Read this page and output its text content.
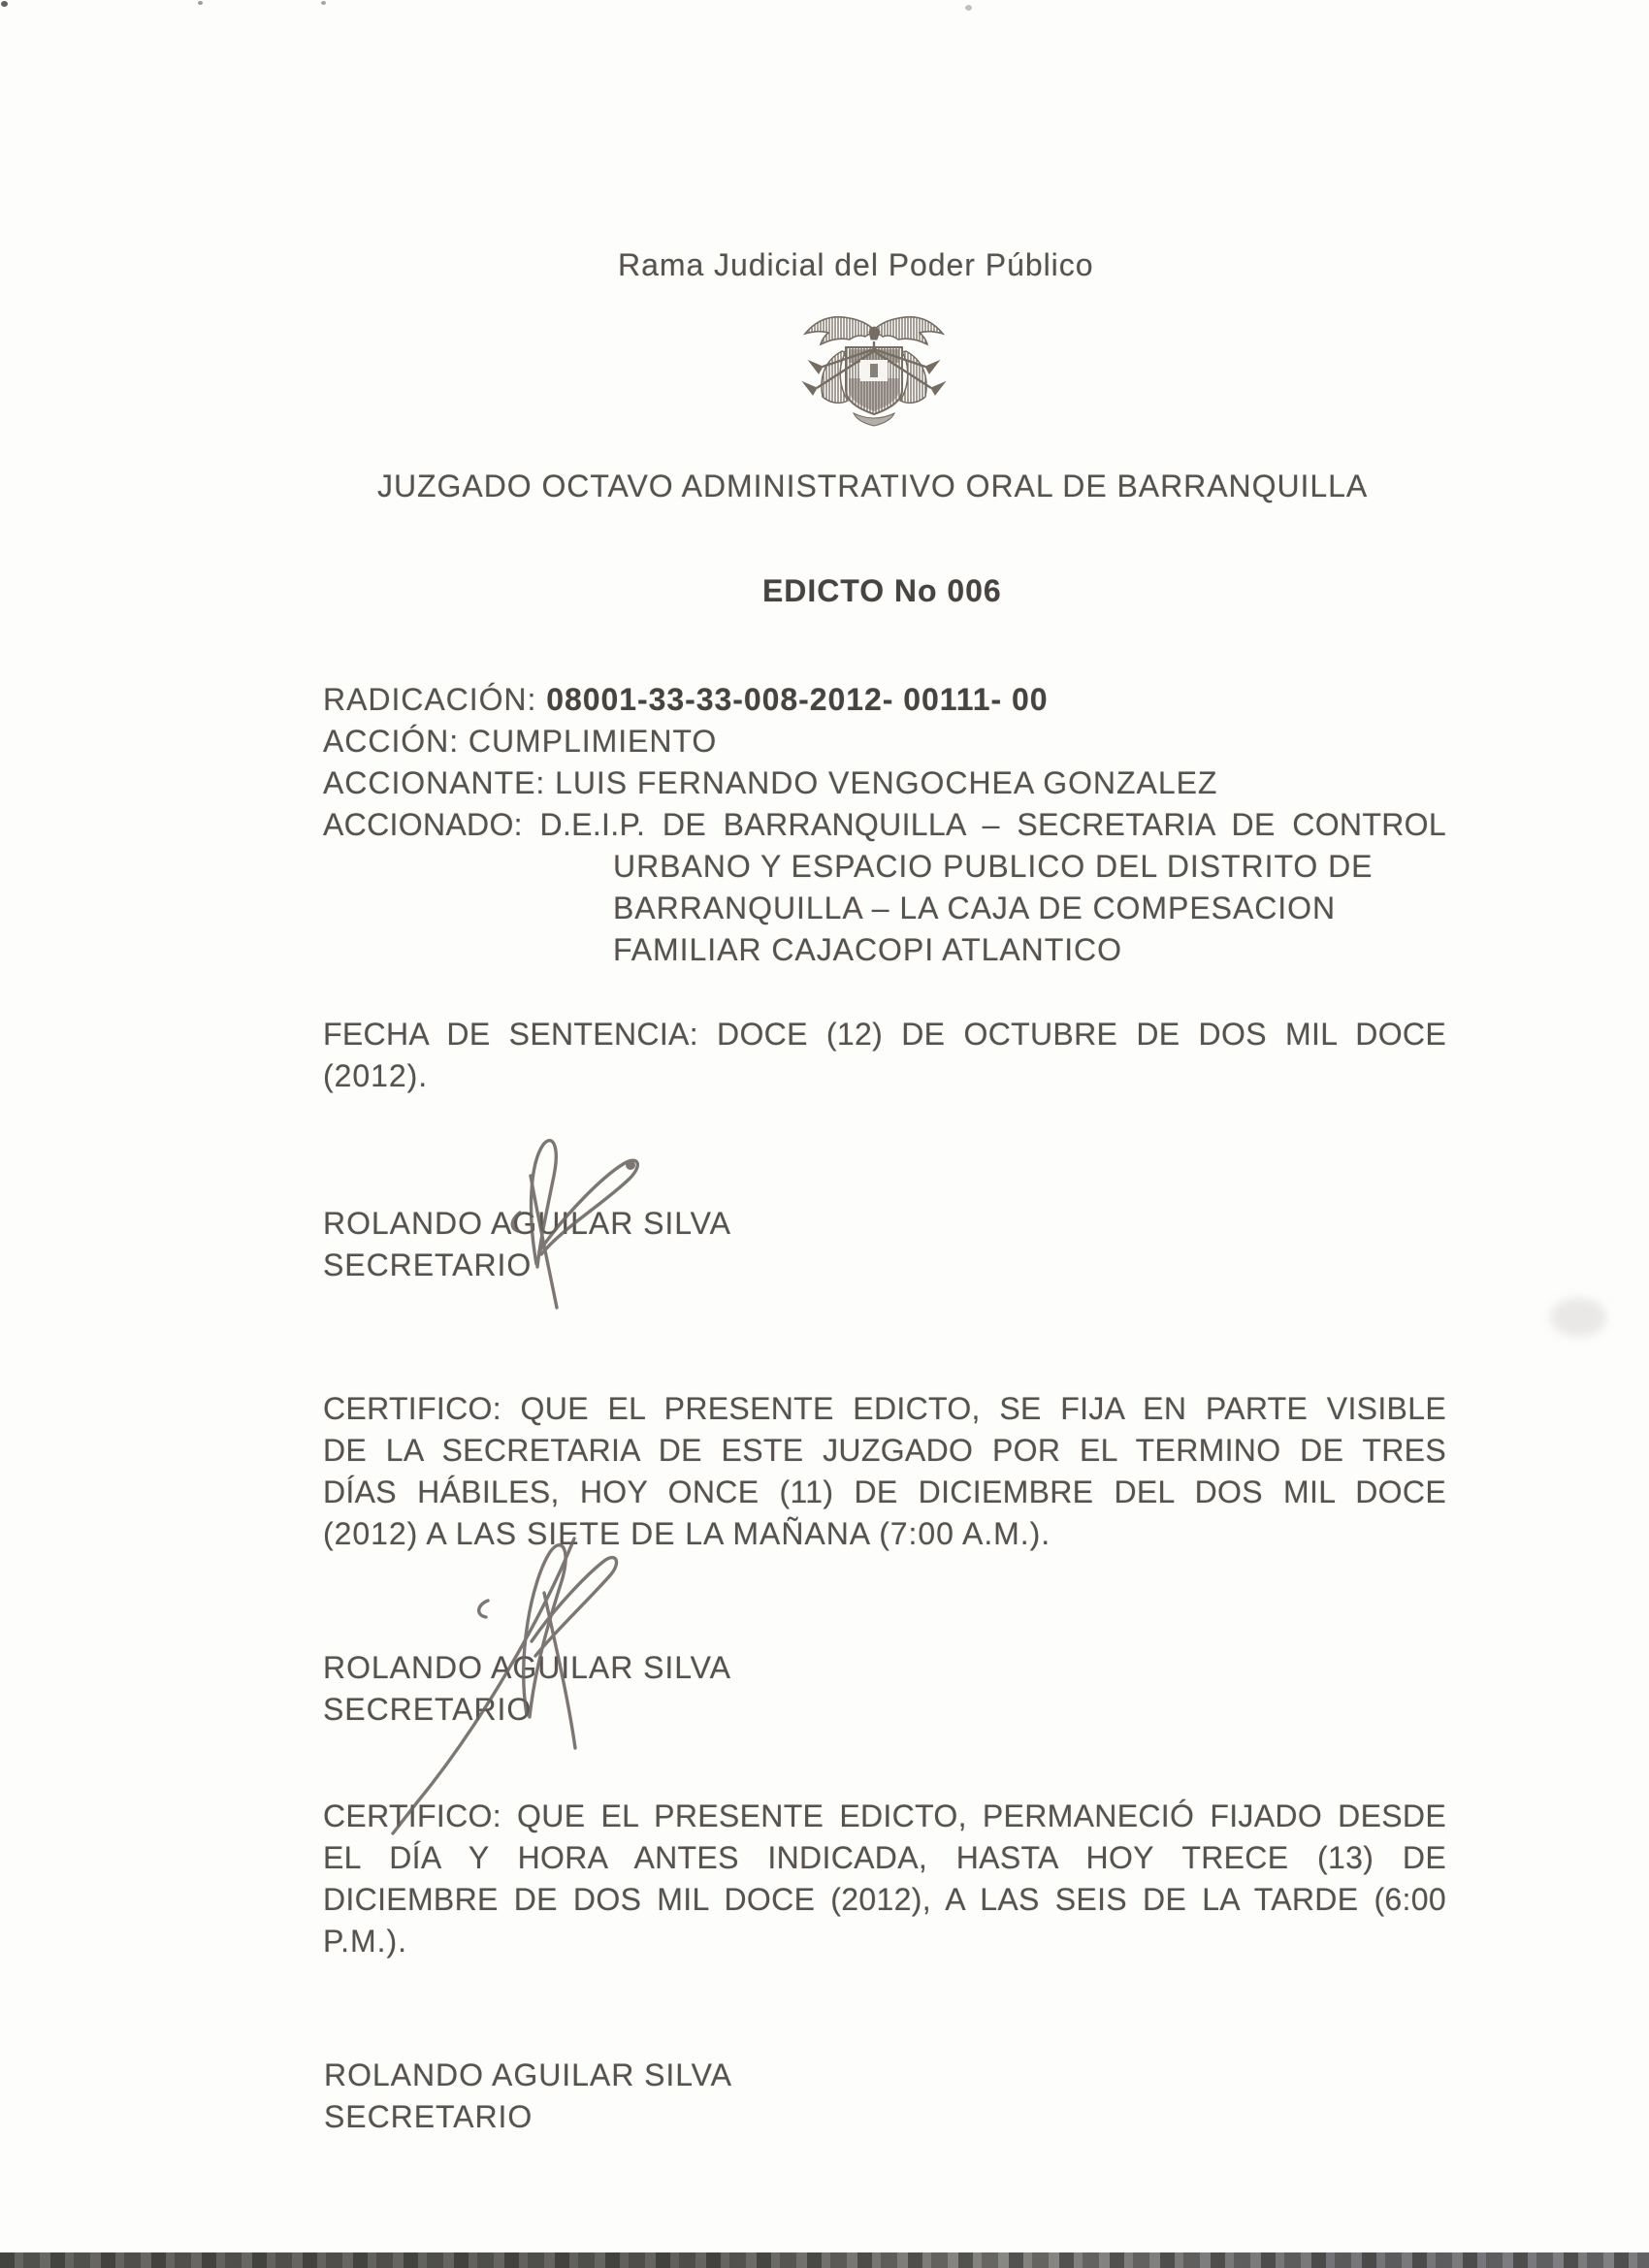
Rama Judicial del Poder Público
JUZGADO OCTAVO ADMINISTRATIVO ORAL DE BARRANQUILLA
EDICTO No 006
RADICACIÓN: 08001-33-33-008-2012- 00111- 00
ACCIÓN: CUMPLIMIENTO
ACCIONANTE: LUIS FERNANDO VENGOCHEA GONZALEZ
ACCIONADO: D.E.I.P. DE BARRANQUILLA – SECRETARIA DE CONTROL
URBANO Y ESPACIO PUBLICO DEL DISTRITO DE
BARRANQUILLA – LA CAJA DE COMPESACION
FAMILIAR CAJACOPI ATLANTICO
FECHA DE SENTENCIA: DOCE (12) DE OCTUBRE DE DOS MIL DOCE
(2012).
ROLANDO AGUILAR SILVA
SECRETARIO
CERTIFICO: QUE EL PRESENTE EDICTO, SE FIJA EN PARTE VISIBLE
DE LA SECRETARIA DE ESTE JUZGADO POR EL TERMINO DE TRES
DÍAS HÁBILES, HOY ONCE (11) DE DICIEMBRE DEL DOS MIL DOCE
(2012) A LAS SIETE DE LA MAÑANA (7:00 A.M.).
ROLANDO AGUILAR SILVA
SECRETARIO
CERTIFICO: QUE EL PRESENTE EDICTO, PERMANECIÓ FIJADO DESDE
EL DÍA Y HORA ANTES INDICADA, HASTA HOY TRECE (13) DE
DICIEMBRE DE DOS MIL DOCE (2012), A LAS SEIS DE LA TARDE (6:00
P.M.).
ROLANDO AGUILAR SILVA
SECRETARIO
